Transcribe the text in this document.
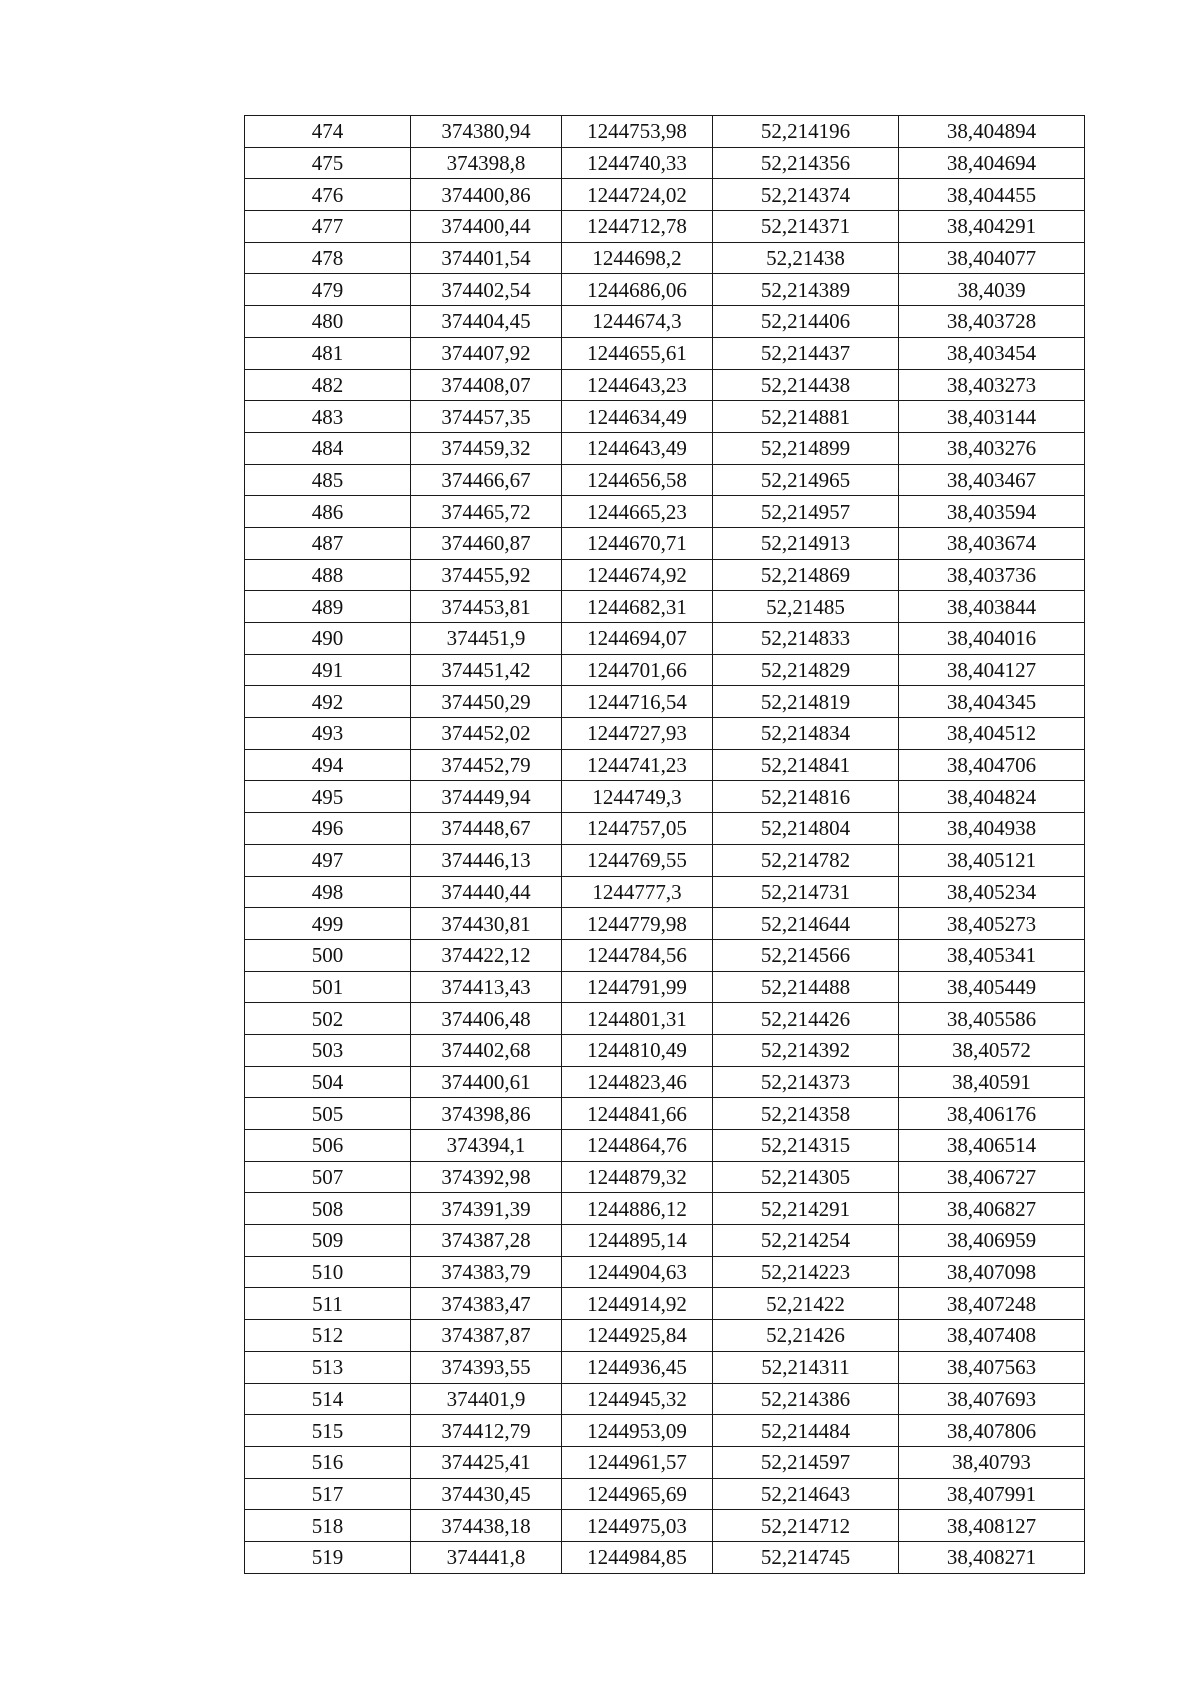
474	374380,94	1244753,98	52,214196	38,404894
475	374398,8	1244740,33	52,214356	38,404694
476	374400,86	1244724,02	52,214374	38,404455
477	374400,44	1244712,78	52,214371	38,404291
478	374401,54	1244698,2	52,21438	38,404077
479	374402,54	1244686,06	52,214389	38,4039
480	374404,45	1244674,3	52,214406	38,403728
481	374407,92	1244655,61	52,214437	38,403454
482	374408,07	1244643,23	52,214438	38,403273
483	374457,35	1244634,49	52,214881	38,403144
484	374459,32	1244643,49	52,214899	38,403276
485	374466,67	1244656,58	52,214965	38,403467
486	374465,72	1244665,23	52,214957	38,403594
487	374460,87	1244670,71	52,214913	38,403674
488	374455,92	1244674,92	52,214869	38,403736
489	374453,81	1244682,31	52,21485	38,403844
490	374451,9	1244694,07	52,214833	38,404016
491	374451,42	1244701,66	52,214829	38,404127
492	374450,29	1244716,54	52,214819	38,404345
493	374452,02	1244727,93	52,214834	38,404512
494	374452,79	1244741,23	52,214841	38,404706
495	374449,94	1244749,3	52,214816	38,404824
496	374448,67	1244757,05	52,214804	38,404938
497	374446,13	1244769,55	52,214782	38,405121
498	374440,44	1244777,3	52,214731	38,405234
499	374430,81	1244779,98	52,214644	38,405273
500	374422,12	1244784,56	52,214566	38,405341
501	374413,43	1244791,99	52,214488	38,405449
502	374406,48	1244801,31	52,214426	38,405586
503	374402,68	1244810,49	52,214392	38,40572
504	374400,61	1244823,46	52,214373	38,40591
505	374398,86	1244841,66	52,214358	38,406176
506	374394,1	1244864,76	52,214315	38,406514
507	374392,98	1244879,32	52,214305	38,406727
508	374391,39	1244886,12	52,214291	38,406827
509	374387,28	1244895,14	52,214254	38,406959
510	374383,79	1244904,63	52,214223	38,407098
511	374383,47	1244914,92	52,21422	38,407248
512	374387,87	1244925,84	52,21426	38,407408
513	374393,55	1244936,45	52,214311	38,407563
514	374401,9	1244945,32	52,214386	38,407693
515	374412,79	1244953,09	52,214484	38,407806
516	374425,41	1244961,57	52,214597	38,40793
517	374430,45	1244965,69	52,214643	38,407991
518	374438,18	1244975,03	52,214712	38,408127
519	374441,8	1244984,85	52,214745	38,408271
